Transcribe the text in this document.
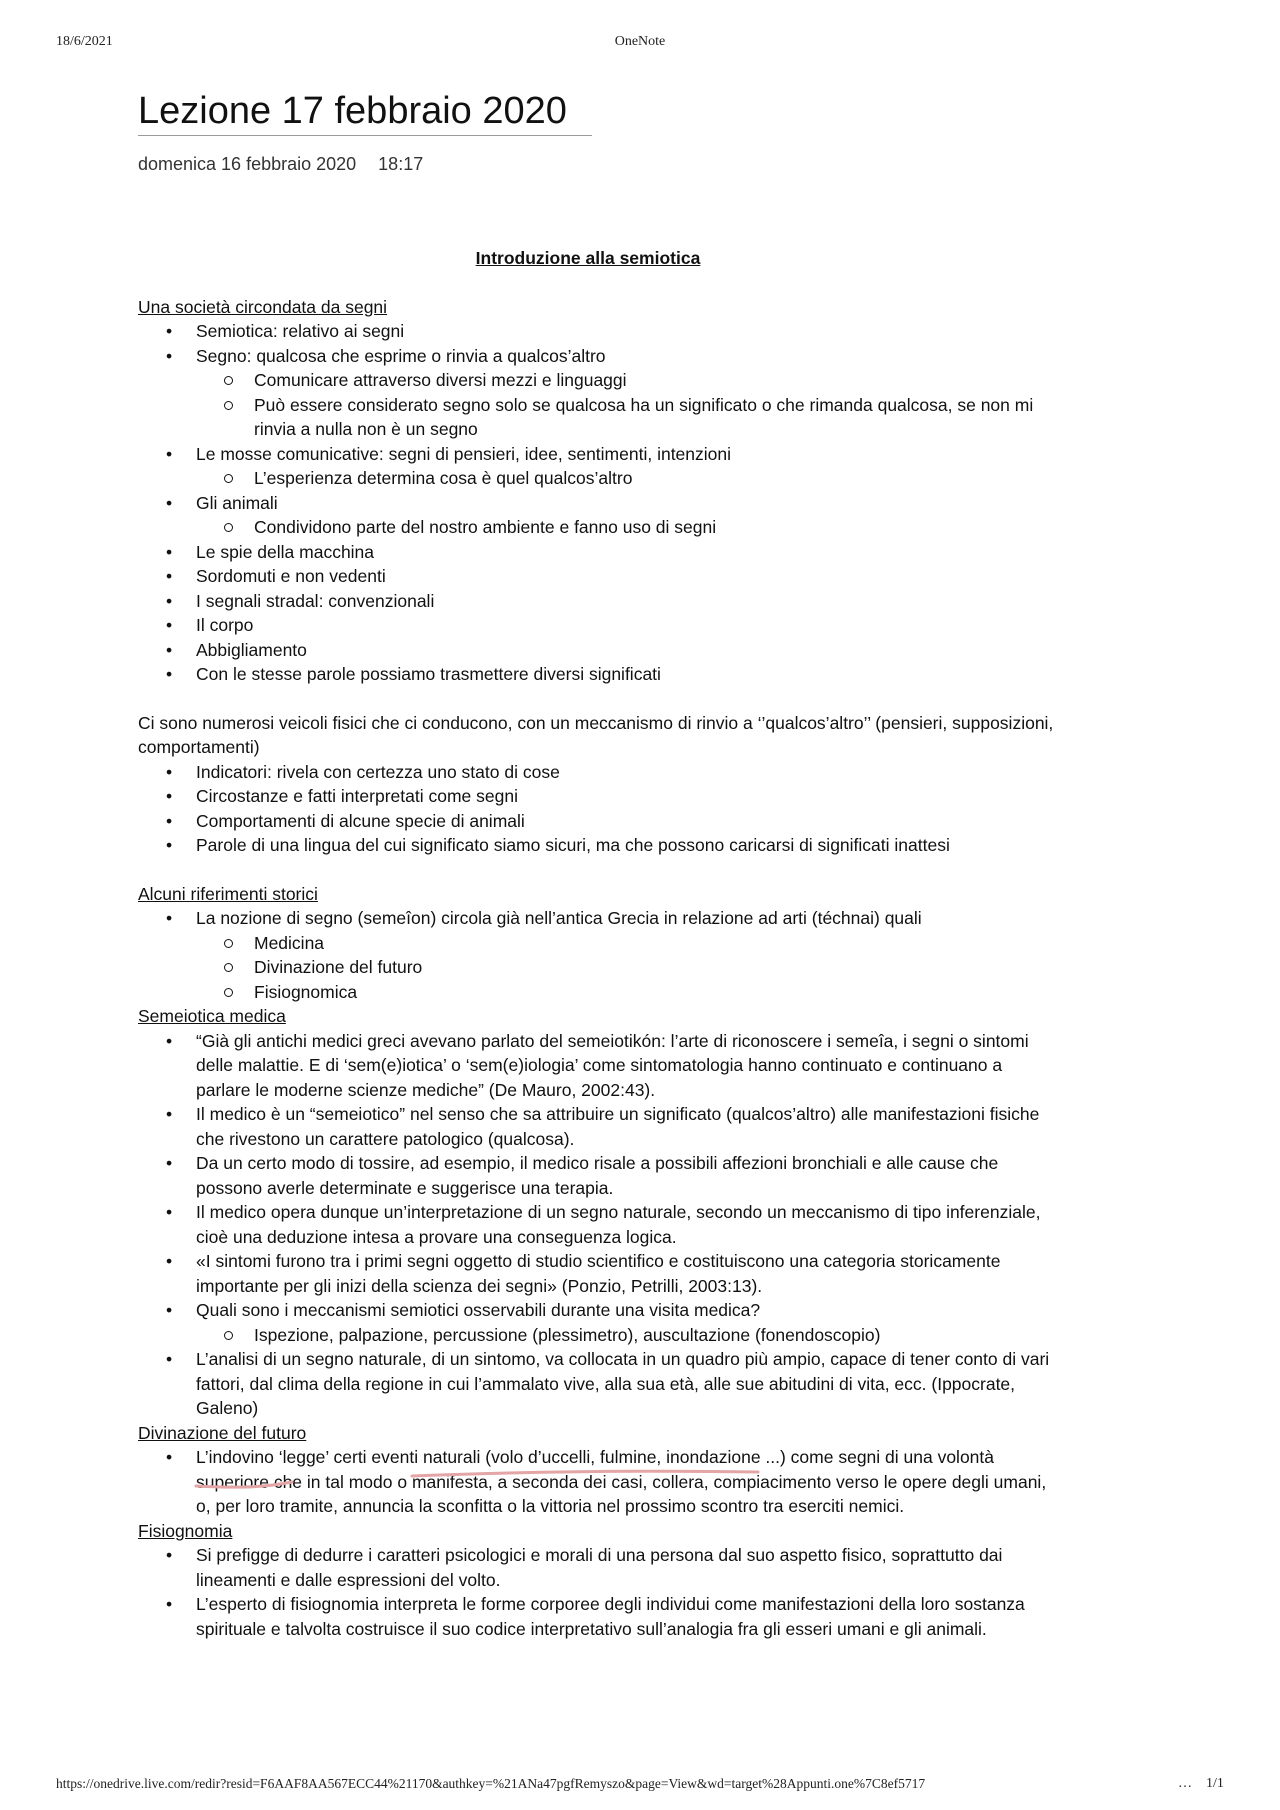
18/6/2021	OneNote
Lezione 17 febbraio 2020
domenica 16 febbraio 2020 18:17
Introduzione alla semiotica
Una società circondata da segni
• Semiotica: relativo ai segni
• Segno: qualcosa che esprime o rinvia a qualcos’altro
Comunicare attraverso diversi mezzi e linguaggi
Può essere considerato segno solo se qualcosa ha un significato o che rimanda qualcosa, se non mi rinvia a nulla non è un segno
• Le mosse comunicative: segni di pensieri, idee, sentimenti, intenzioni
L’esperienza determina cosa è quel qualcos’altro
• Gli animali
Condividono parte del nostro ambiente e fanno uso di segni
• Le spie della macchina
• Sordomuti e non vedenti
• I segnali stradal: convenzionali
• Il corpo
• Abbigliamento
• Con le stesse parole possiamo trasmettere diversi significati

Ci sono numerosi veicoli fisici che ci conducono, con un meccanismo di rinvio a ‘’qualcos’altro’’ (pensieri, supposizioni, comportamenti)

• Indicatori: rivela con certezza uno stato di cose
• Circostanze e fatti interpretati come segni
• Comportamenti di alcune specie di animali
• Parole di una lingua del cui significato siamo sicuri, ma che possono caricarsi di significati inattesi
Alcuni riferimenti storici
• La nozione di segno (semeîon) circola già nell’antica Grecia in relazione ad arti (téchnai) quali
Medicina
Divinazione del futuro
Fisiognomica
Semeiotica medica
• “Già gli antichi medici greci avevano parlato del semeiotikón: l’arte di riconoscere i semeîa, i segni o sintomi delle malattie. E di ‘sem(e)iotica’ o ‘sem(e)iologia’ come sintomatologia hanno continuato e continuano a parlare le moderne scienze mediche” (De Mauro, 2002:43).
• Il medico è un “semeiotico” nel senso che sa attribuire un significato (qualcos’altro) alle manifestazioni fisiche che rivestono un carattere patologico (qualcosa).
• Da un certo modo di tossire, ad esempio, il medico risale a possibili affezioni bronchiali e alle cause che possono averle determinate e suggerisce una terapia.
• Il medico opera dunque un’interpretazione di un segno naturale, secondo un meccanismo di tipo inferenziale, cioè una deduzione intesa a provare una conseguenza logica.
• «I sintomi furono tra i primi segni oggetto di studio scientifico e costituiscono una categoria storicamente importante per gli inizi della scienza dei segni» (Ponzio, Petrilli, 2003:13).
• Quali sono i meccanismi semiotici osservabili durante una visita medica?
Ispezione, palpazione, percussione (plessimetro), auscultazione (fonendoscopio)
• L’analisi di un segno naturale, di un sintomo, va collocata in un quadro più ampio, capace di tener conto di vari fattori, dal clima della regione in cui l’ammalato vive, alla sua età, alle sue abitudini di vita, ecc. (Ippocrate, Galeno)
Divinazione del futuro
• L’indovino ‘legge’ certi eventi naturali (volo d’uccelli, fulmine, inondazione ...) come segni di una volontà superiore che in tal modo o manifesta, a seconda dei casi, collera, compiacimento verso le opere degli umani, o, per loro tramite, annuncia la sconfitta o la vittoria nel prossimo scontro tra eserciti nemici.
Fisiognomia
• Si prefigge di dedurre i caratteri psicologici e morali di una persona dal suo aspetto fisico, soprattutto dai lineamenti e dalle espressioni del volto.
• L’esperto di fisiognomia interpreta le forme corporee degli individui come manifestazioni della loro sostanza spirituale e talvolta costruisce il suo codice interpretativo sull’analogia fra gli esseri umani e gli animali.
https://onedrive.live.com/redir?resid=F6AAF8AA567ECC44%21170&authkey=%21ANa47pgfRemyszo&page=View&wd=target%28Appunti.one%7C8ef5717	… 1/1
